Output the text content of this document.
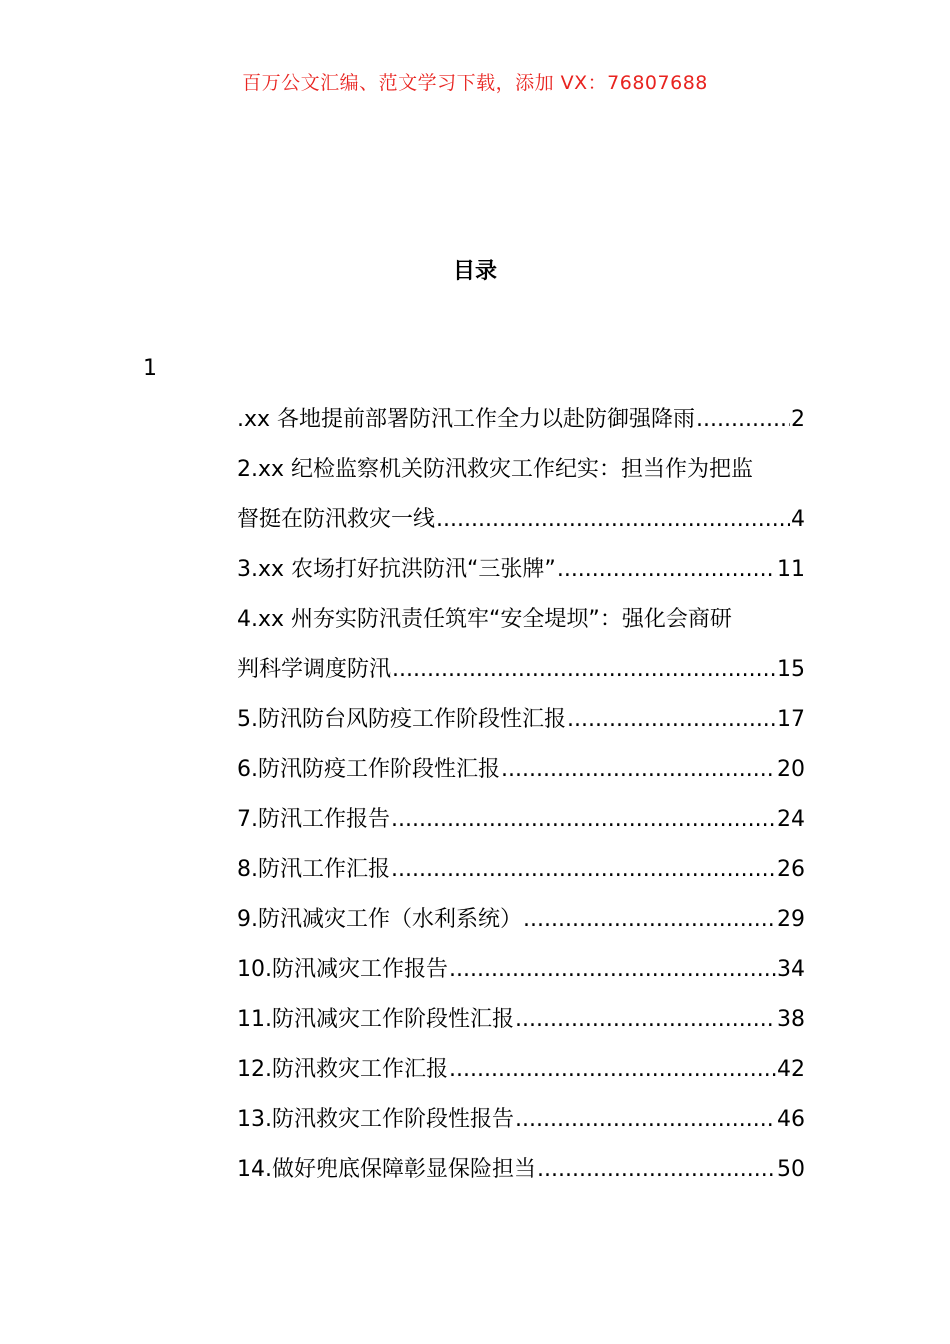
百万公文汇编、范文学习下载，添加 VX：76807688
目录
1
.xx 各地提前部署防汛工作全力以赴防御强降雨 .....	2
2.xx 纪检监察机关防汛救灾工作纪实：担当作为把监
督挺在防汛救灾一线 .....	4
3.xx 农场打好抗洪防汛“三张牌” .....	11
4.xx 州夯实防汛责任筑牢“安全堤坝”：强化会商研
判科学调度防汛 .....	15
5.防汛防台风防疫工作阶段性汇报 .....	17
6.防汛防疫工作阶段性汇报 .....	20
7.防汛工作报告 .....	24
8.防汛工作汇报 .....	26
9.防汛减灾工作（水利系统） .....	29
10.防汛减灾工作报告 .....	34
11.防汛减灾工作阶段性汇报 .....	38
12.防汛救灾工作汇报 .....	42
13.防汛救灾工作阶段性报告 .....	46
14.做好兜底保障彰显保险担当 .....	50
